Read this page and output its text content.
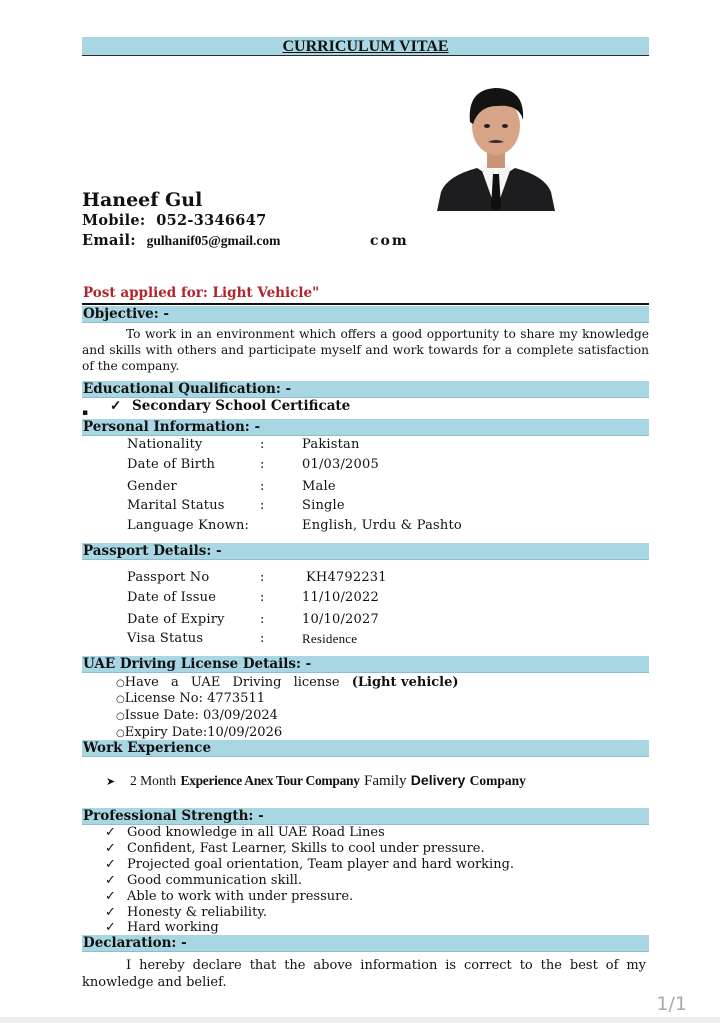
CURRICULUM VITAE
Haneef Gul
Mobile: 052-3346647
Email: gulhanif05@gmail.com	com
Post applied for: Light Vehicle"
Objective: -
To work in an environment which offers a good opportunity to share my knowledge and skills with others and participate myself and work towards for a complete satisfaction of the company.
Educational Qualification: -
▪ ✓ Secondary School Certificate
Personal Information: -
Nationality	:	Pakistan
Date of Birth	:	01/03/2005
Gender	:	Male
Marital Status	:	Single
Language Known:	English, Urdu & Pashto
Passport Details: -
Passport No	:	KH4792231
Date of Issue	:	11/10/2022
Date of Expiry	:	10/10/2027
Visa Status	:	Residence
UAE Driving License Details: -
○Have a UAE Driving license (Light vehicle)
○License No: 4773511
○Issue Date: 03/09/2024
○Expiry Date:10/09/2026
Work Experience
➤ 2 Month Experience Anex Tour Company Family Delivery Company
Professional Strength: -
✓ Good knowledge in all UAE Road Lines
✓ Confident, Fast Learner, Skills to cool under pressure.
✓ Projected goal orientation, Team player and hard working.
✓ Good communication skill.
✓ Able to work with under pressure.
✓ Honesty & reliability.
✓ Hard working
Declaration: -
I hereby declare that the above information is correct to the best of my knowledge and belief.
1/1
